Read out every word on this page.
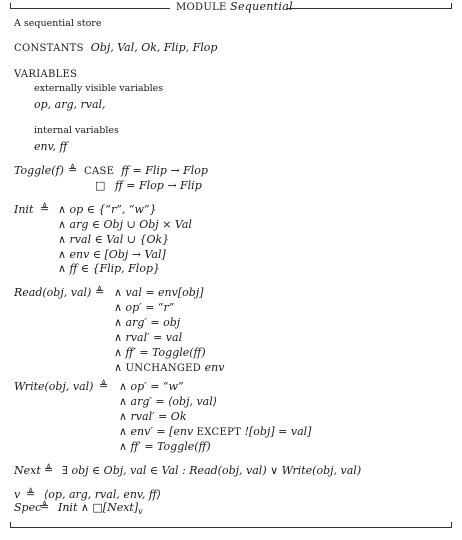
MODULE Sequential
A sequential store
CONSTANTS Obj, Val, Ok, Flip, Flop
VARIABLES
externally visible variables
op, arg, rval,
internal variables
env, ff
Toggle(f) ≜ CASE ff = Flip → Flop
□ ff = Flop → Flip
Init ≜ ∧ op ∈ {“r”, “w”}
∧ arg ∈ Obj ∪ Obj × Val
∧ rval ∈ Val ∪ {Ok}
∧ env ∈ [Obj → Val]
∧ ff ∈ {Flip, Flop}
Read(obj, val) ≜ ∧ val = env[obj]
∧ op′ = “r”
∧ arg′ = obj
∧ rval′ = val
∧ ff′ = Toggle(ff)
∧ UNCHANGED env
Write(obj, val) ≜ ∧ op′ = “w”
∧ arg′ = ⟨obj, val⟩
∧ rval′ = Ok
∧ env′ = [env EXCEPT ![obj] = val]
∧ ff′ = Toggle(ff)
Next ≜ ∃ obj ∈ Obj, val ∈ Val : Read(obj, val) ∨ Write(obj, val)
v ≜ ⟨op, arg, rval, env, ff⟩
Spec
≜ Init ∧ $□[Next]_v$
